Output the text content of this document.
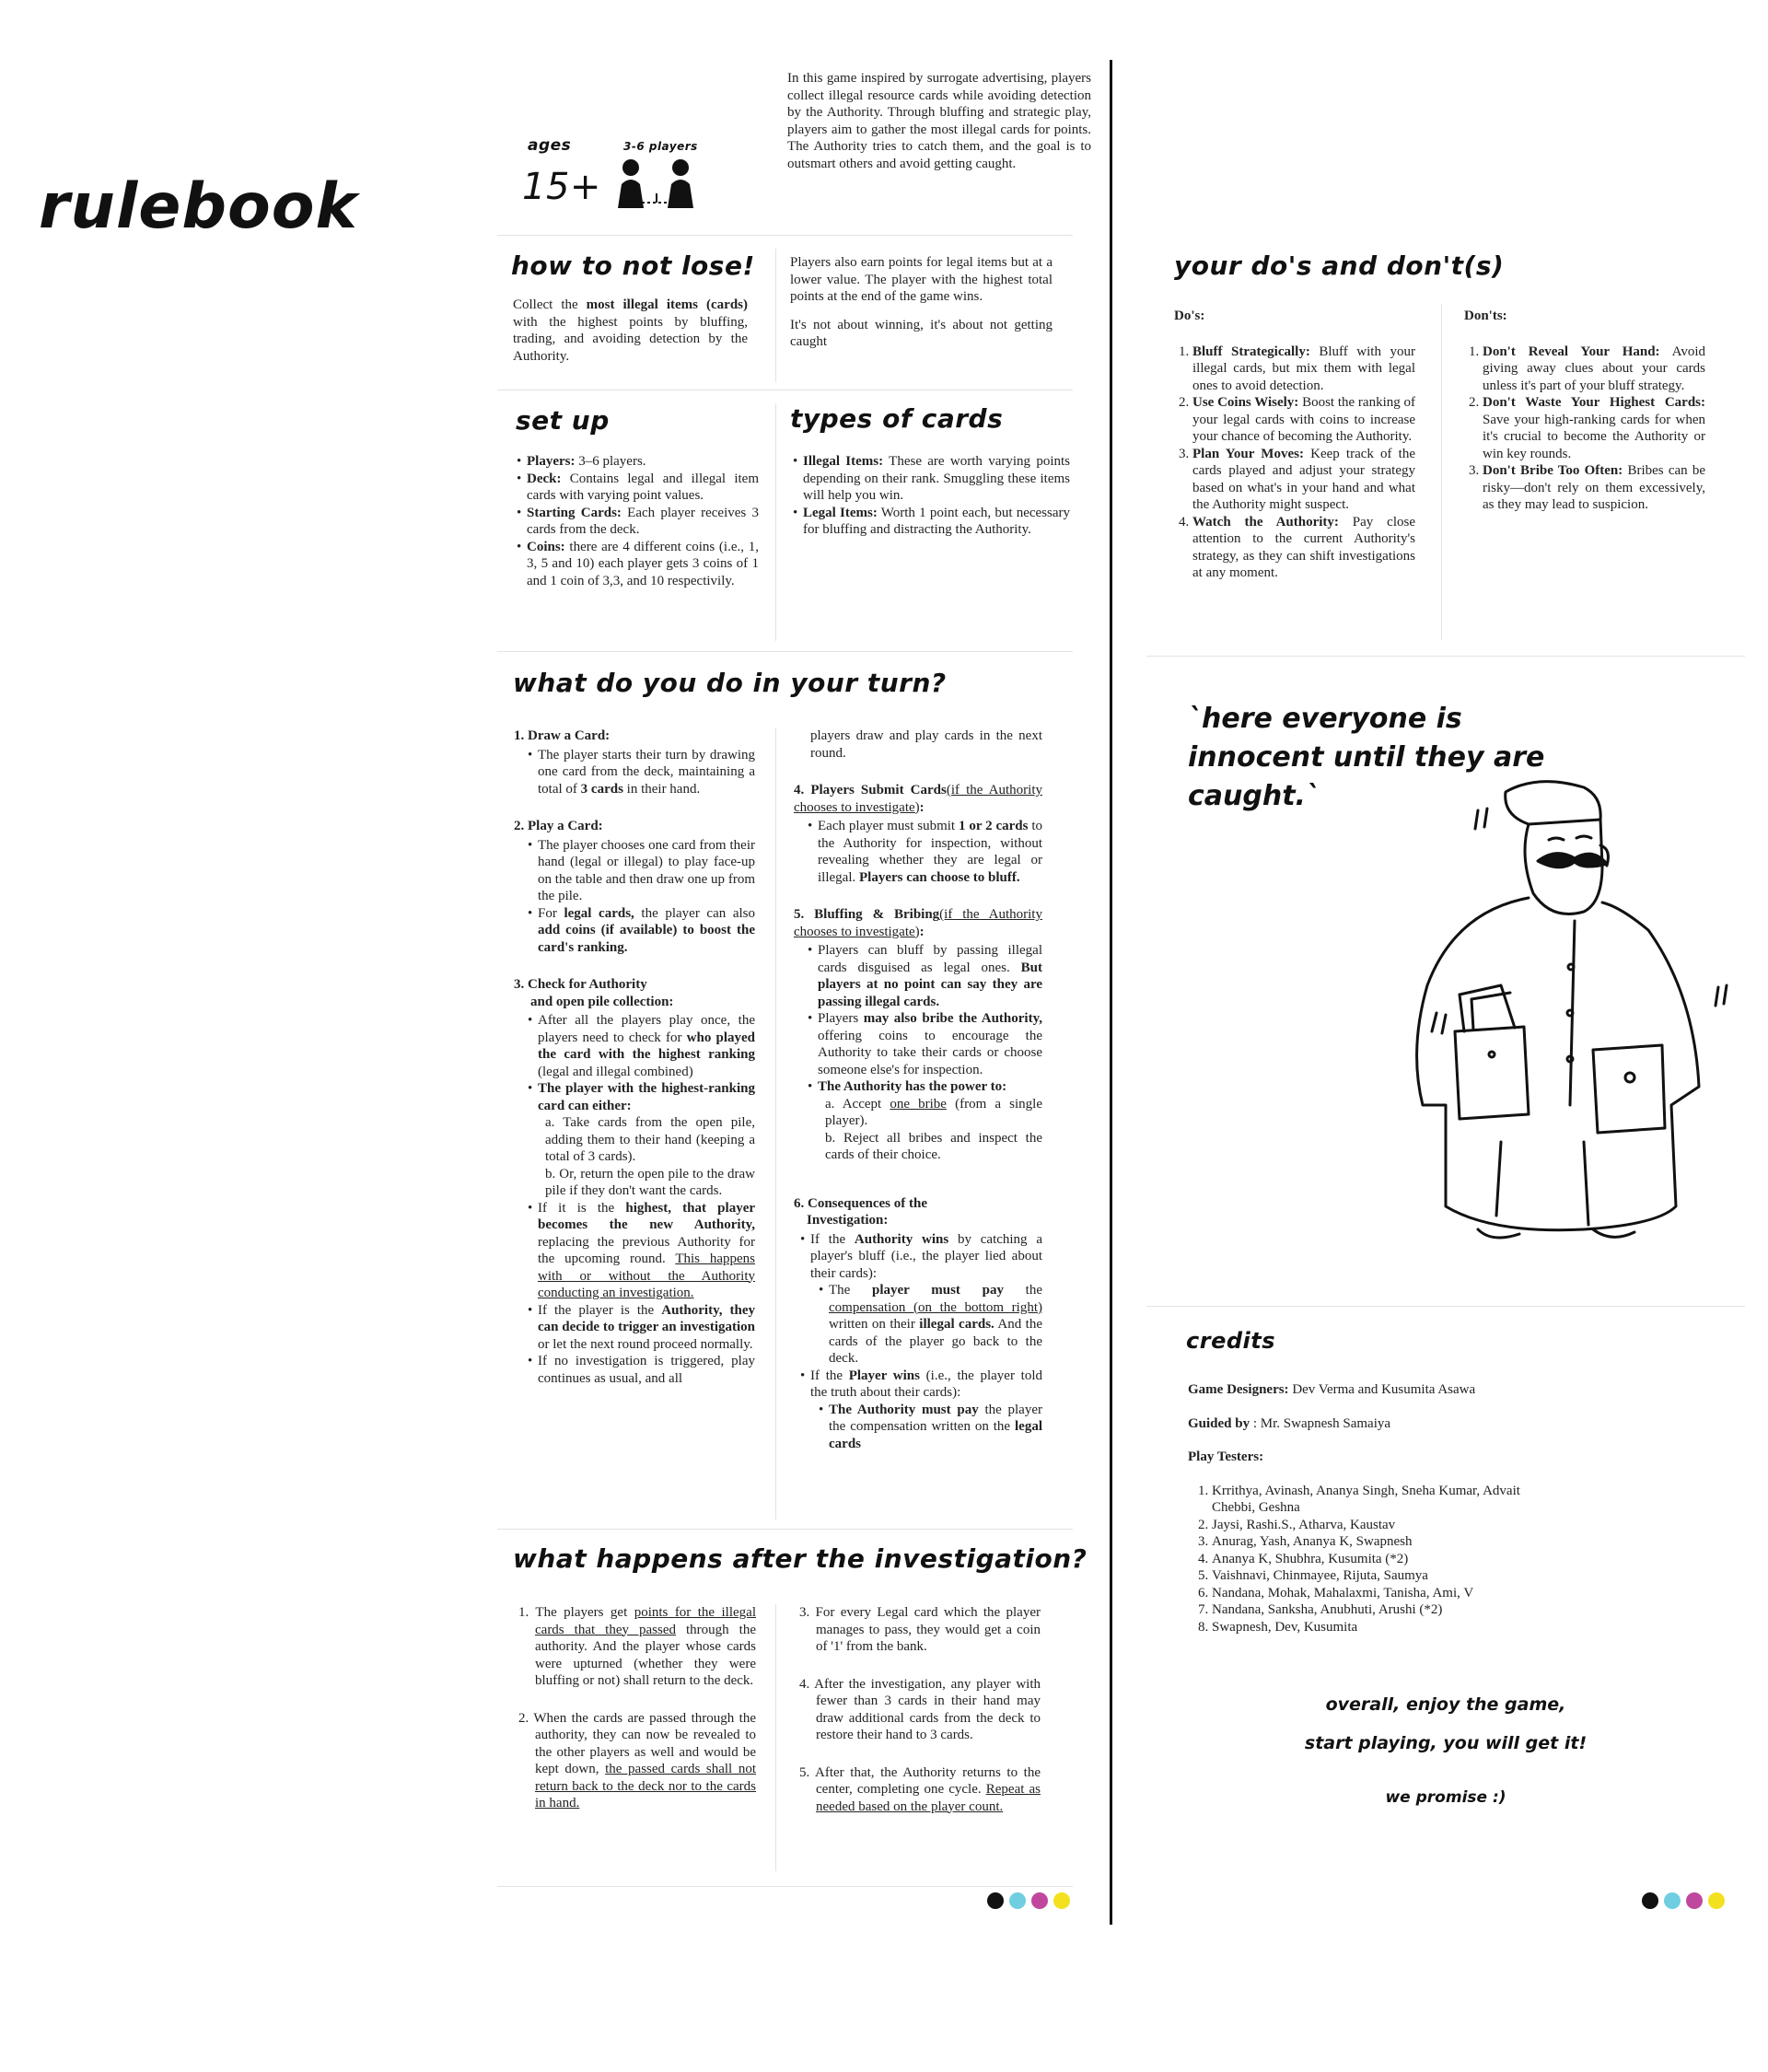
rulebook
ages
15+
3-6 players
In this game inspired by surrogate advertising, players collect illegal resource cards while avoiding detection by the Authority. Through bluffing and strategic play, players aim to gather the most illegal cards for points. The Authority tries to catch them, and the goal is to outsmart others and avoid getting caught.
how to not lose!
Collect the most illegal items (cards) with the highest points by bluffing, trading, and avoiding detection by the Authority.

Players also earn points for legal items but at a lower value. The player with the highest total points at the end of the game wins.

It's not about winning, it's about not getting caught

set up
• Players: 3–6 players.
• Deck: Contains legal and illegal item cards with varying point values.
• Starting Cards: Each player receives 3 cards from the deck.
• Coins: there are 4 different coins (i.e., 1, 3, 5 and 10) each player gets 3 coins of 1 and 1 coin of 3,3, and 10 respectivily.
types of cards
• Illegal Items: These are worth varying points depending on their rank. Smuggling these items will help you win.
• Legal Items: Worth 1 point each, but necessary for bluffing and distracting the Authority.
what do you do in your turn?
1. Draw a Card:
• The player starts their turn by drawing one card from the deck, maintaining a total of 3 cards in their hand.
2. Play a Card:
• The player chooses one card from their hand (legal or illegal) to play face-up on the table and then draw one up from the pile.
• For legal cards, the player can also add coins (if available) to boost the card's ranking.
3. Check for Authority
and open pile collection:
• After all the players play once, the players need to check for who played the card with the highest ranking (legal and illegal combined)
• The player with the highest-ranking card can either:
a. Take cards from the open pile, adding them to their hand (keeping a total of 3 cards).
b. Or, return the open pile to the draw pile if they don't want the cards.
• If it is the highest, that player becomes the new Authority, replacing the previous Authority for the upcoming round. This happens with or without the Authority conducting an investigation.
• If the player is the Authority, they can decide to trigger an investigation or let the next round proceed normally.
• If no investigation is triggered, play continues as usual, and all
players draw and play cards in the next round.
4. Players Submit Cards(if the Authority chooses to investigate):
• Each player must submit 1 or 2 cards to the Authority for inspection, without revealing whether they are legal or illegal. Players can choose to bluff.
5. Bluffing & Bribing(if the Authority chooses to investigate):
• Players can bluff by passing illegal cards disguised as legal ones. But players at no point can say they are passing illegal cards.
• Players may also bribe the Authority, offering coins to encourage the Authority to take their cards or choose someone else's for inspection.
• The Authority has the power to:
a. Accept one bribe (from a single player).
b. Reject all bribes and inspect the cards of their choice.
6. Consequences of the
Investigation:
• If the Authority wins by catching a player's bluff (i.e., the player lied about their cards):
• The player must pay the compensation (on the bottom right) written on their illegal cards. And the cards of the player go back to the deck.
• If the Player wins (i.e., the player told the truth about their cards):
• The Authority must pay the player the compensation written on the legal cards
what happens after the investigation?

1. The players get points for the illegal cards that they passed through the authority. And the player whose cards were upturned (whether they were bluffing or not) shall return to the deck.

2. When the cards are passed through the authority, they can now be revealed to the other players as well and would be kept down, the passed cards shall not return back to the deck nor to the cards in hand.

3. For every Legal card which the player manages to pass, they would get a coin of '1' from the bank.

4. After the investigation, any player with fewer than 3 cards in their hand may draw additional cards from the deck to restore their hand to 3 cards.

5. After that, the Authority returns to the center, completing one cycle. Repeat as needed based on the player count.

your do's and don't(s)
Do's:
1. Bluff Strategically: Bluff with your illegal cards, but mix them with legal ones to avoid detection.
2. Use Coins Wisely: Boost the ranking of your legal cards with coins to increase your chance of becoming the Authority.
3. Plan Your Moves: Keep track of the cards played and adjust your strategy based on what's in your hand and what the Authority might suspect.
4. Watch the Authority: Pay close attention to the current Authority's strategy, as they can shift investigations at any moment.
Don'ts:
1. Don't Reveal Your Hand: Avoid giving away clues about your cards unless it's part of your bluff strategy.
2. Don't Waste Your Highest Cards: Save your high-ranking cards for when it's crucial to become the Authority or win key rounds.
3. Don't Bribe Too Often: Bribes can be risky—don't rely on them excessively, as they may lead to suspicion.
`here everyone is
innocent until they are
caught.`
credits
Game Designers: Dev Verma and Kusumita Asawa
Guided by : Mr. Swapnesh Samaiya
Play Testers:
1. Krrithya, Avinash, Ananya Singh, Sneha Kumar, Advait Chebbi, Geshna
2. Jaysi, Rashi.S., Atharva, Kaustav
3. Anurag, Yash, Ananya K, Swapnesh
4. Ananya K, Shubhra, Kusumita (*2)
5. Vaishnavi, Chinmayee, Rijuta, Saumya
6. Nandana, Mohak, Mahalaxmi, Tanisha, Ami, V
7. Nandana, Sanksha, Anubhuti, Arushi (*2)
8. Swapnesh, Dev, Kusumita
overall, enjoy the game,
start playing, you will get it!
we promise :)
